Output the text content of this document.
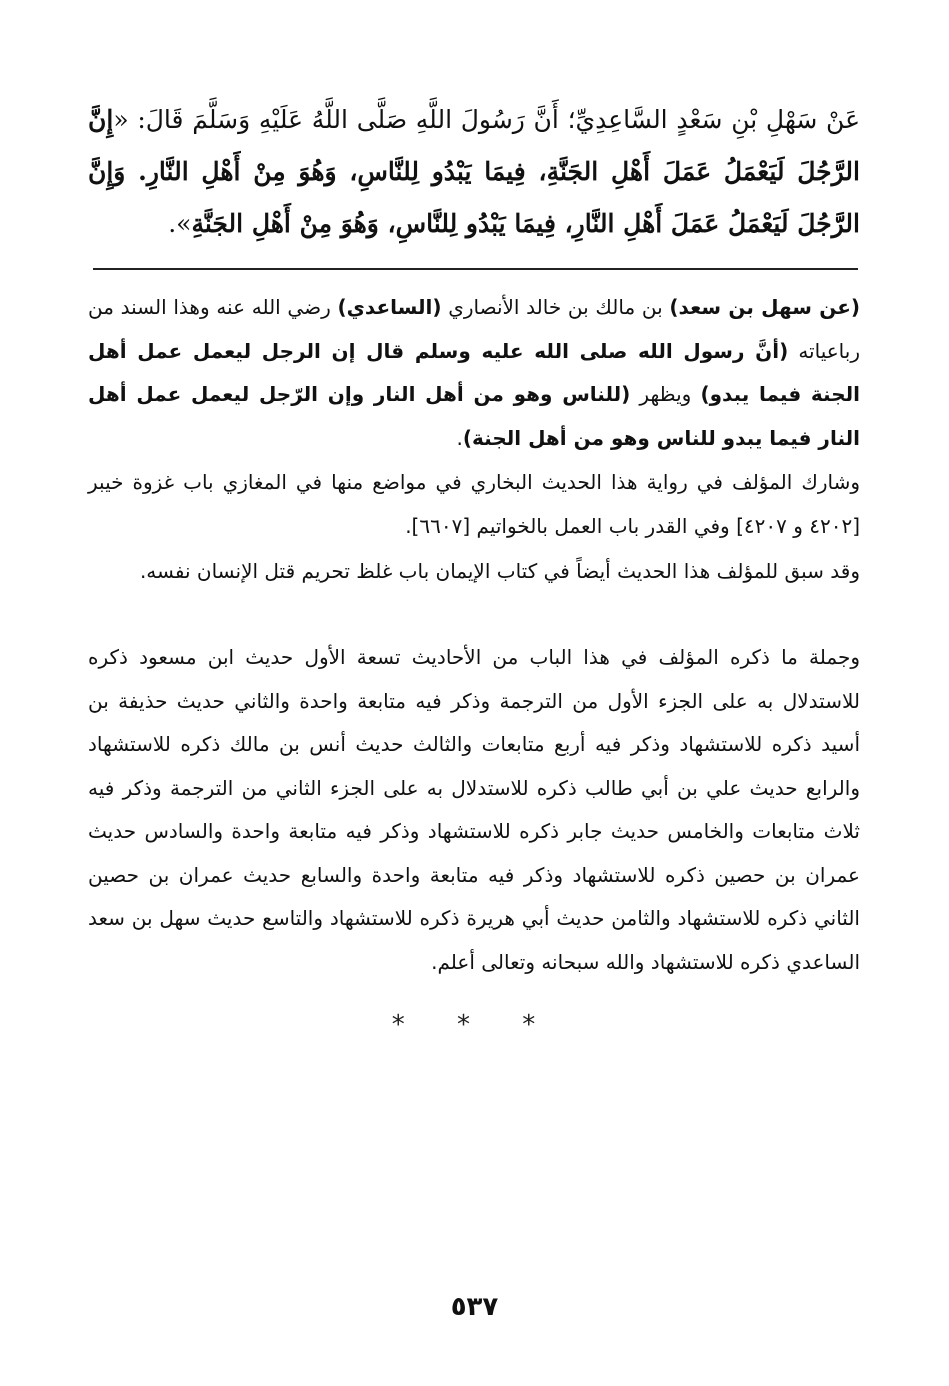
عَنْ سَهْلِ بْنِ سَعْدٍ السَّاعِدِيِّ؛ أَنَّ رَسُولَ اللَّهِ صَلَّى اللَّهُ عَلَيْهِ وَسَلَّمَ قَالَ: «إِنَّ الرَّجُلَ لَيَعْمَلُ عَمَلَ أَهْلِ الجَنَّةِ، فِيمَا يَبْدُو لِلنَّاسِ، وَهُوَ مِنْ أَهْلِ النَّارِ. وَإِنَّ الرَّجُلَ لَيَعْمَلُ عَمَلَ أَهْلِ النَّارِ، فِيمَا يَبْدُو لِلنَّاسِ، وَهُوَ مِنْ أَهْلِ الجَنَّةِ».

(عن سهل بن سعد) بن مالك بن خالد الأنصاري (الساعدي) رضي الله عنه وهذا السند من رباعياته (أنَّ رسول الله صلى الله عليه وسلم قال إن الرجل ليعمل عمل أهل الجنة فيما يبدو) ويظهر (للناس وهو من أهل النار وإن الرّجل ليعمل عمل أهل النار فيما يبدو للناس وهو من أهل الجنة).

وشارك المؤلف في رواية هذا الحديث البخاري في مواضع منها في المغازي باب غزوة خيبر [٤٢٠٢ و ٤٢٠٧] وفي القدر باب العمل بالخواتيم [٦٦٠٧].

وقد سبق للمؤلف هذا الحديث أيضاً في كتاب الإيمان باب غلظ تحريم قتل الإنسان نفسه.

وجملة ما ذكره المؤلف في هذا الباب من الأحاديث تسعة الأول حديث ابن مسعود ذكره للاستدلال به على الجزء الأول من الترجمة وذكر فيه متابعة واحدة والثاني حديث حذيفة بن أسيد ذكره للاستشهاد وذكر فيه أربع متابعات والثالث حديث أنس بن مالك ذكره للاستشهاد والرابع حديث علي بن أبي طالب ذكره للاستدلال به على الجزء الثاني من الترجمة وذكر فيه ثلاث متابعات والخامس حديث جابر ذكره للاستشهاد وذكر فيه متابعة واحدة والسادس حديث عمران بن حصين ذكره للاستشهاد وذكر فيه متابعة واحدة والسابع حديث عمران بن حصين الثاني ذكره للاستشهاد والثامن حديث أبي هريرة ذكره للاستشهاد والتاسع حديث سهل بن سعد الساعدي ذكره للاستشهاد والله سبحانه وتعالى أعلم.

* * *
٥٣٧
